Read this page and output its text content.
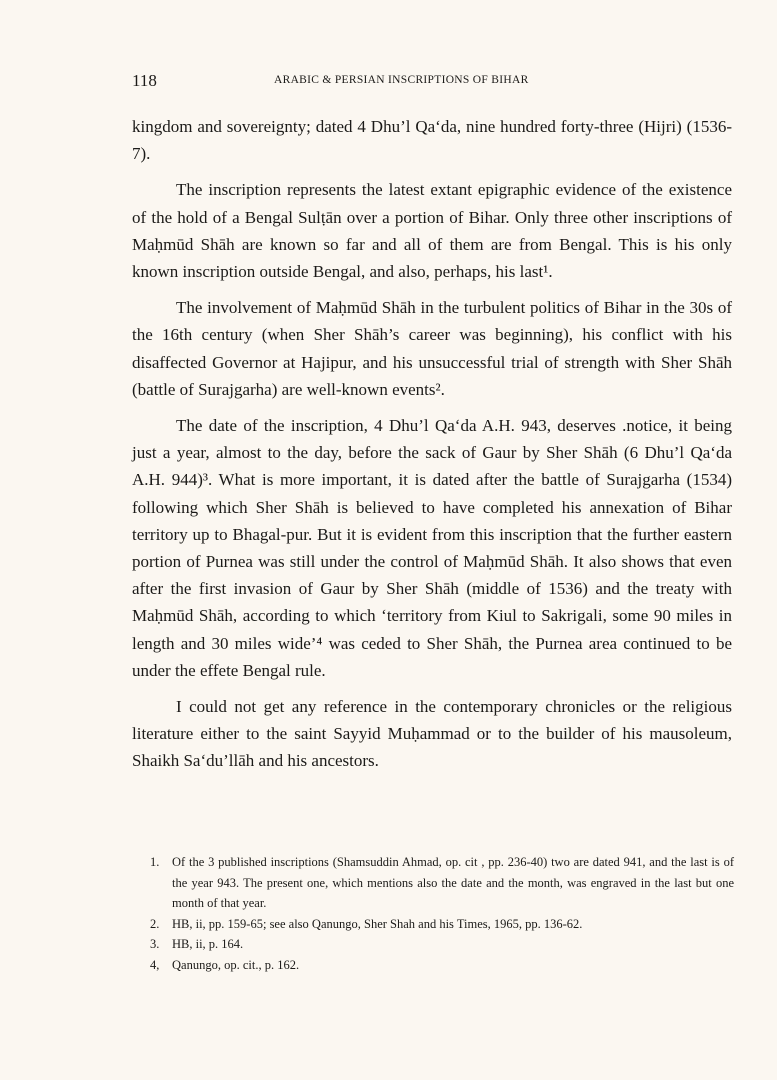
118	ARABIC & PERSIAN INSCRIPTIONS OF BIHAR

kingdom and sovereignty; dated 4 Dhu’l Qa‘da, nine hundred forty-three (Hijri) (1536-7).

The inscription represents the latest extant epigraphic evidence of the existence of the hold of a Bengal Sulṭān over a portion of Bihar. Only three other inscriptions of Maḥmūd Shāh are known so far and all of them are from Bengal. This is his only known inscription outside Bengal, and also, perhaps, his last¹.

The involvement of Maḥmūd Shāh in the turbulent politics of Bihar in the 30s of the 16th century (when Sher Shāh’s career was beginning), his conflict with his disaffected Governor at Hajipur, and his unsuccessful trial of strength with Sher Shāh (battle of Surajgarha) are well-known events².

The date of the inscription, 4 Dhu’l Qa‘da A.H. 943, deserves .notice, it being just a year, almost to the day, before the sack of Gaur by Sher Shāh (6 Dhu’l Qa‘da A.H. 944)³. What is more important, it is dated after the battle of Surajgarha (1534) following which Sher Shāh is believed to have completed his annexation of Bihar territory up to Bhagal-pur. But it is evident from this inscription that the further eastern portion of Purnea was still under the control of Maḥmūd Shāh. It also shows that even after the first invasion of Gaur by Sher Shāh (middle of 1536) and the treaty with Maḥmūd Shāh, according to which ‘territory from Kiul to Sakrigali, some 90 miles in length and 30 miles wide’⁴ was ceded to Sher Shāh, the Purnea area continued to be under the effete Bengal rule.

I could not get any reference in the contemporary chronicles or the religious literature either to the saint Sayyid Muḥammad or to the builder of his mausoleum, Shaikh Sa‘du’llāh and his ancestors.

1. Of the 3 published inscriptions (Shamsuddin Ahmad, op. cit , pp. 236-40) two are dated 941, and the last is of the year 943. The present one, which mentions also the date and the month, was engraved in the last but one month of that year.
2. HB, ii, pp. 159-65; see also Qanungo, Sher Shah and his Times, 1965, pp. 136-62.
3. HB, ii, p. 164.
4, Qanungo, op. cit., p. 162.
